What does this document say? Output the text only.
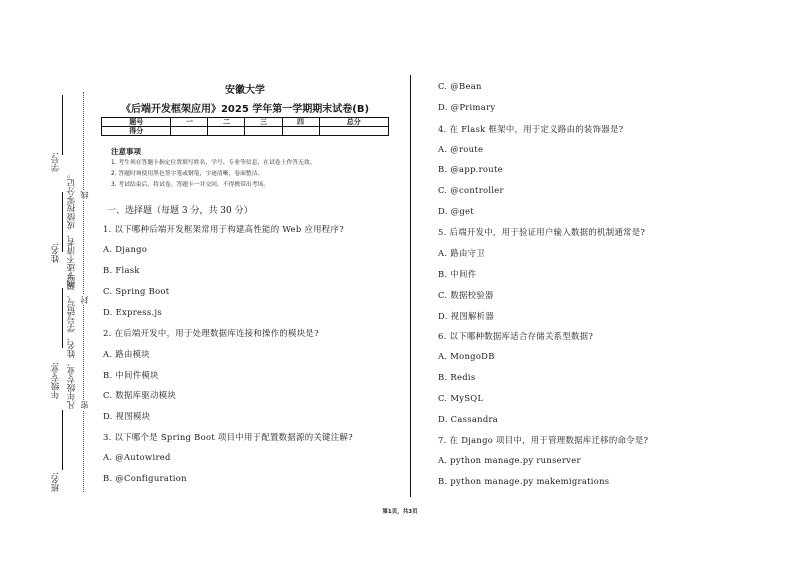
学号:
姓名:
年级专业:
班名:
凡年级专业、姓名、学号错写、漏写
或字迹不清者，成绩按零分记。
密
封
线
安徽大学
《后端开发框架应用》2025 学年第一学期期末试卷(B)
题号	一	二	三	四	总分
得分					
注意事项
1. 考生须在答题卡指定位置填写姓名、学号、专业等信息，在试卷上作答无效。
2. 答题时须使用黑色签字笔或钢笔，字迹清晰，卷面整洁。
3. 考试结束后，将试卷、答题卡一并交回，不得携带出考场。
一、选择题（每题 3 分，共 30 分）
1. 以下哪种后端开发框架常用于构建高性能的 Web 应用程序?
A. Django
B. Flask
C. Spring Boot
D. Express.js
2. 在后端开发中，用于处理数据库连接和操作的模块是?
A. 路由模块
B. 中间件模块
C. 数据库驱动模块
D. 视图模块
3. 以下哪个是 Spring Boot 项目中用于配置数据源的关键注解?
A. @Autowired
B. @Configuration
C. @Bean
D. @Primary
4. 在 Flask 框架中，用于定义路由的装饰器是?
A. @route
B. @app.route
C. @controller
D. @get
5. 后端开发中，用于验证用户输入数据的机制通常是?
A. 路由守卫
B. 中间件
C. 数据校验器
D. 视图解析器
6. 以下哪种数据库适合存储关系型数据?
A. MongoDB
B. Redis
C. MySQL
D. Cassandra
7. 在 Django 项目中，用于管理数据库迁移的命令是?
A. python manage.py runserver
B. python manage.py makemigrations
第1页，共3页
